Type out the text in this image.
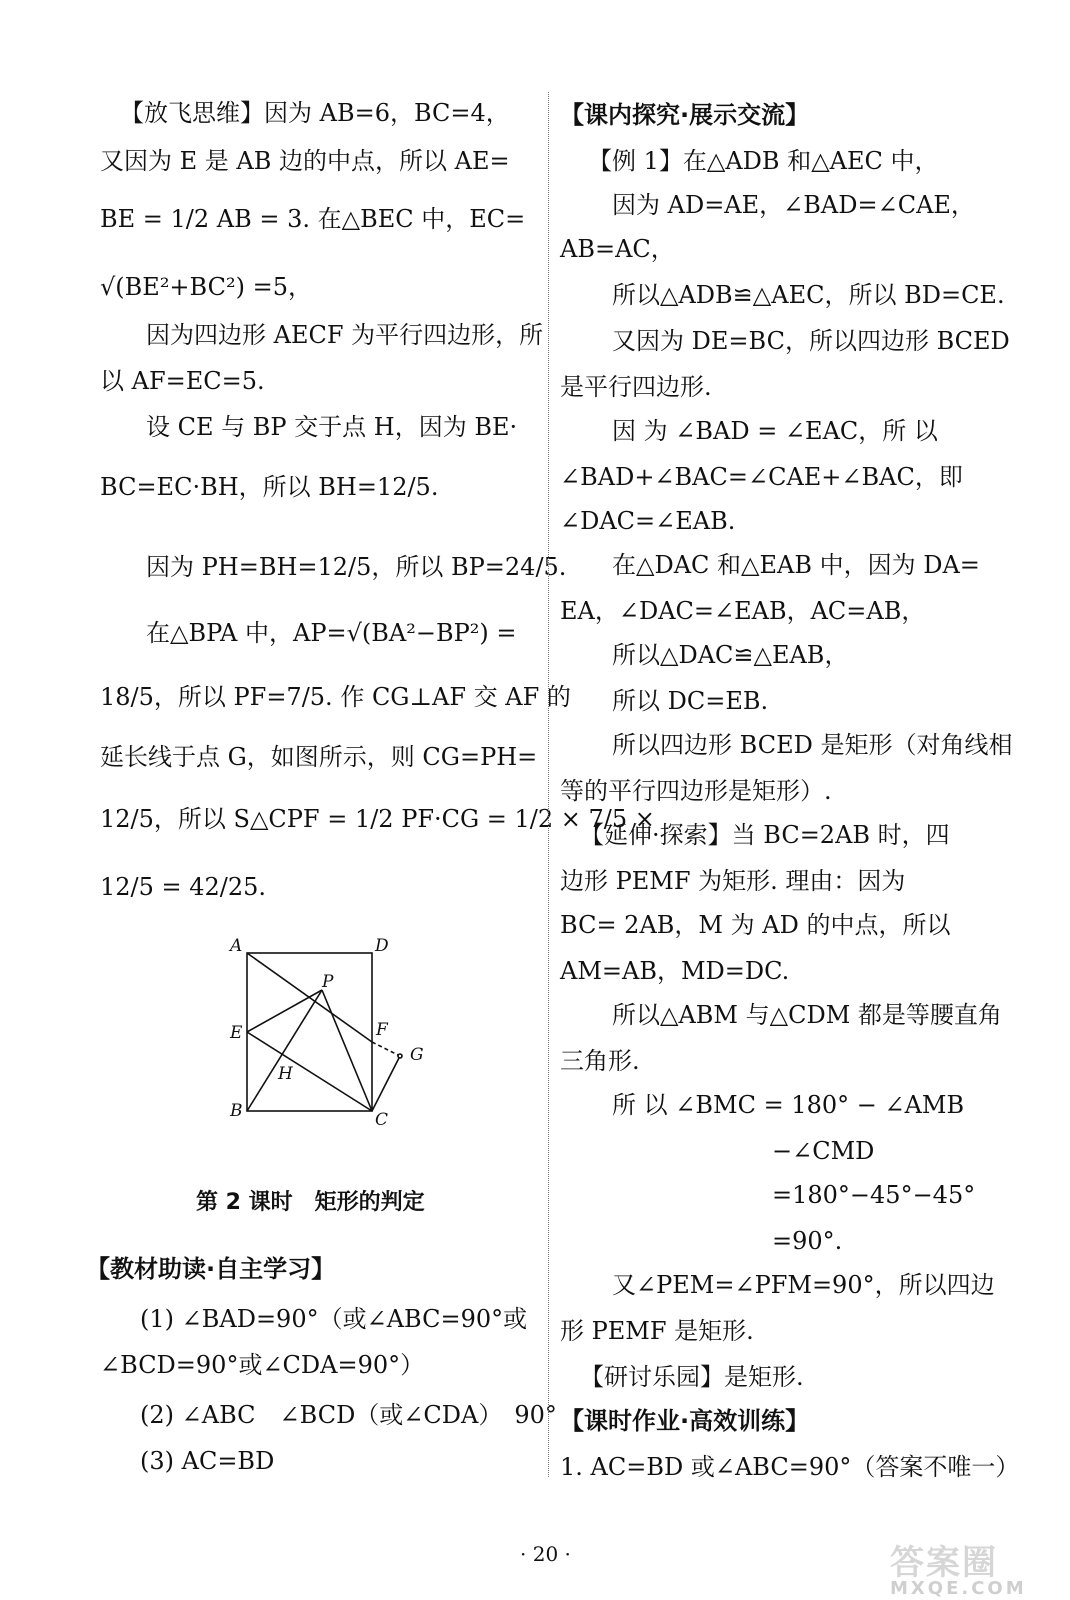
【放飞思维】因为 AB=6，BC=4，
又因为 E 是 AB 边的中点，所以 AE=
BE = 1/2 AB = 3. 在△BEC 中，EC=
√(BE²+BC²) =5，
因为四边形 AECF 为平行四边形，所
以 AF=EC=5.
设 CE 与 BP 交于点 H，因为 BE·
BC=EC·BH，所以 BH=12/5.
因为 PH=BH=12/5，所以 BP=24/5.
在△BPA 中，AP=√(BA²−BP²) =
18/5，所以 PF=7/5. 作 CG⊥AF 交 AF 的
延长线于点 G，如图所示，则 CG=PH=
12/5，所以 S△CPF = 1/2 PF·CG = 1/2 × 7/5 ×
12/5 = 42/25.
第 2 课时　矩形的判定
【教材助读·自主学习】
(1) ∠BAD=90°（或∠ABC=90°或
∠BCD=90°或∠CDA=90°）
(2) ∠ABC　∠BCD（或∠CDA）　90°
(3) AC=BD
A	D
E
B	C
P
F
G
H
【课内探究·展示交流】
【例 1】在△ADB 和△AEC 中，
因为 AD=AE，∠BAD=∠CAE，
AB=AC，
所以△ADB≌△AEC，所以 BD=CE.
又因为 DE=BC，所以四边形 BCED
是平行四边形.
因 为 ∠BAD = ∠EAC，所 以
∠BAD+∠BAC=∠CAE+∠BAC，即
∠DAC=∠EAB.
在△DAC 和△EAB 中，因为 DA=
EA，∠DAC=∠EAB，AC=AB，
所以△DAC≌△EAB，
所以 DC=EB.
所以四边形 BCED 是矩形（对角线相
等的平行四边形是矩形）.
【延伸·探索】当 BC=2AB 时，四
边形 PEMF 为矩形. 理由：因为
BC= 2AB，M 为 AD 的中点，所以
AM=AB，MD=DC.
所以△ABM 与△CDM 都是等腰直角
三角形.
所 以 ∠BMC = 180° − ∠AMB
−∠CMD
=180°−45°−45°
=90°.
又∠PEM=∠PFM=90°，所以四边
形 PEMF 是矩形.
【研讨乐园】是矩形.
【课时作业·高效训练】
1. AC=BD 或∠ABC=90°（答案不唯一）
· 20 ·	答案圈
MXQE.COM
